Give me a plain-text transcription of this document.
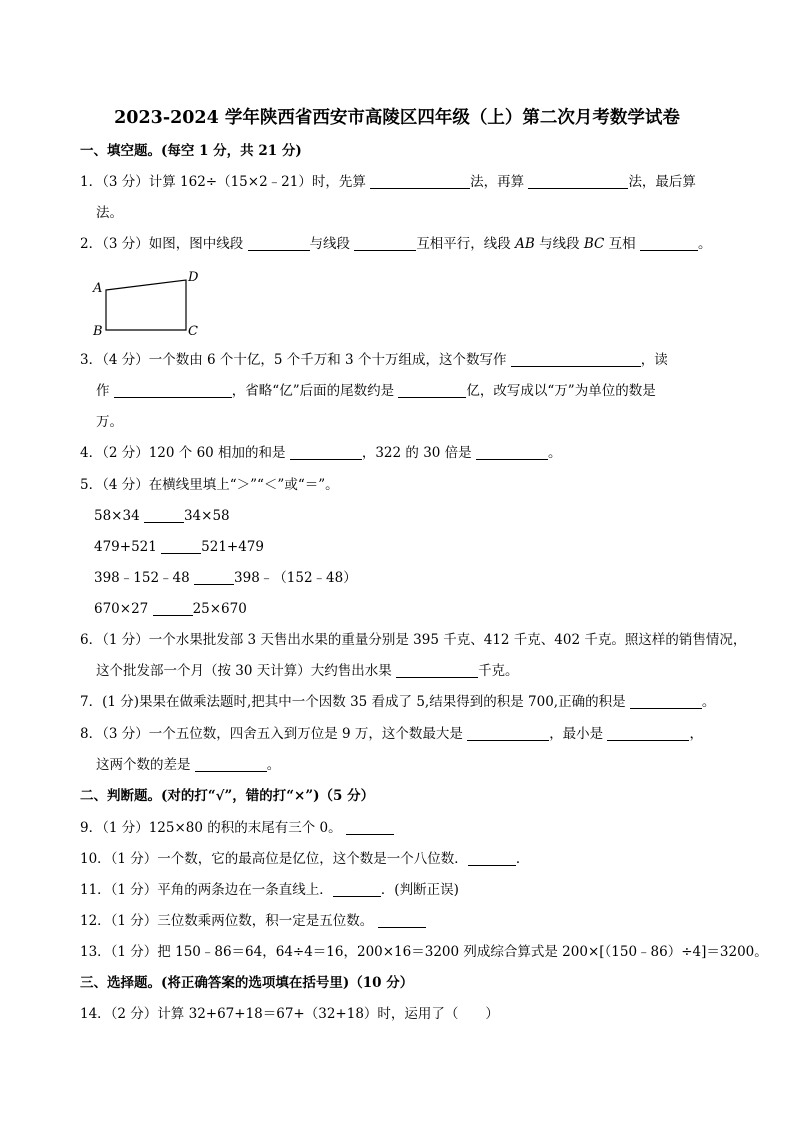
2023-2024 学年陕西省西安市高陵区四年级（上）第二次月考数学试卷
一、填空题。(每空 1 分，共 21 分)
1．（3 分）计算 162÷（15×2﹣21）时，先算	法，再算	法，最后算
法。
2．（3 分）如图，图中线段	与线段	互相平行，线段 AB 与线段 BC 互相	。
A
D
B	C
3．（4 分）一个数由 6 个十亿，5 个千万和 3 个十万组成，这个数写作	，读
作	，省略“亿”后面的尾数约是	亿，改写成以“万”为单位的数是
万。
4．（2 分）120 个 60 相加的和是	，322 的 30 倍是	。
5．（4 分）在横线里填上“＞”“＜”或“＝”。
58×34	34×58
479+521	521+479
398﹣152﹣48	398﹣（152﹣48）
670×27	25×670
6．（1 分）一个水果批发部 3 天售出水果的重量分别是 395 千克、412 千克、402 千克。照这样的销售情况，
这个批发部一个月（按 30 天计算）大约售出水果	千克。
7．(1 分)果果在做乘法题时,把其中一个因数 35 看成了 5,结果得到的积是 700,正确的积是	。
8．（3 分）一个五位数，四舍五入到万位是 9 万，这个数最大是	，最小是	，
这两个数的差是	。
二、判断题。(对的打“√”，错的打“×”)（5 分）
9．（1 分）125×80 的积的末尾有三个 0。
10．（1 分）一个数，它的最高位是亿位，这个数是一个八位数．	．
11．（1 分）平角的两条边在一条直线上．	．(判断正误)
12．（1 分）三位数乘两位数，积一定是五位数。
13．（1 分）把 150﹣86＝64，64÷4＝16，200×16＝3200 列成综合算式是 200×[（150﹣86）÷4]＝3200。
三、选择题。(将正确答案的选项填在括号里)（10 分）
14．（2 分）计算 32+67+18＝67+（32+18）时，运用了（　　）
